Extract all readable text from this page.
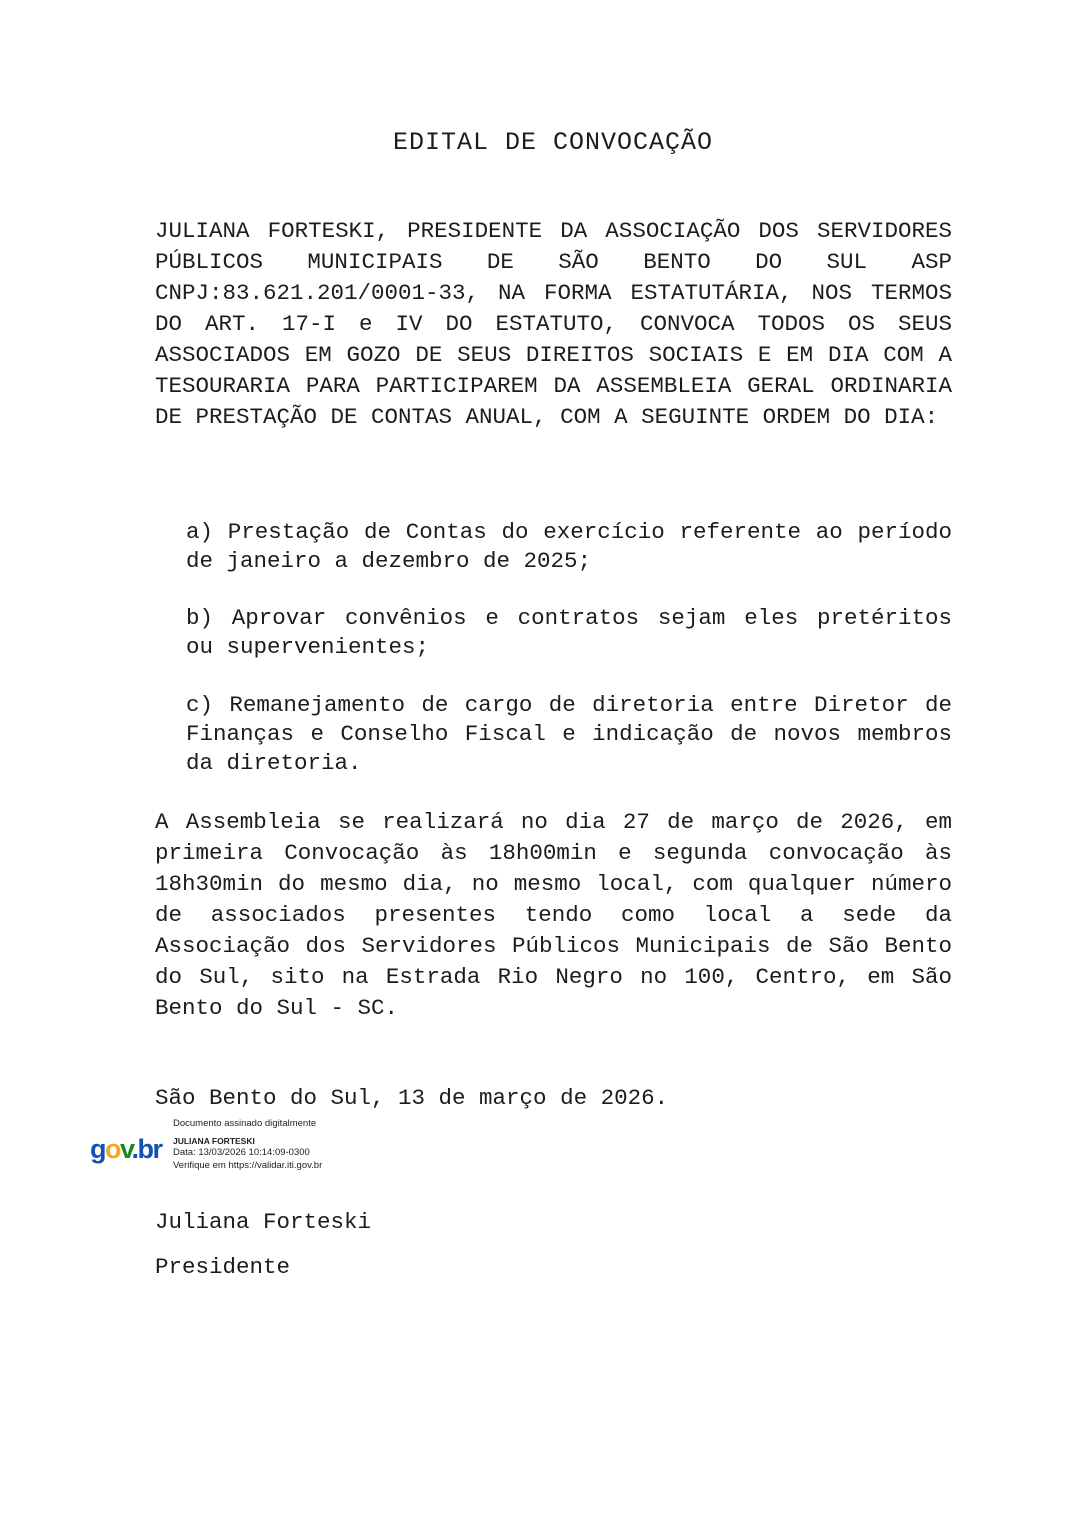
EDITAL DE CONVOCAÇÃO
JULIANA FORTESKI, PRESIDENTE DA ASSOCIAÇÃO DOS SERVIDORES PÚBLICOS MUNICIPAIS DE SÃO BENTO DO SUL ASP CNPJ:83.621.201/0001-33, NA FORMA ESTATUTÁRIA, NOS TERMOS DO ART. 17-I e IV DO ESTATUTO, CONVOCA TODOS OS SEUS ASSOCIADOS EM GOZO DE SEUS DIREITOS SOCIAIS E EM DIA COM A TESOURARIA PARA PARTICIPAREM DA ASSEMBLEIA GERAL ORDINARIA DE PRESTAÇÃO DE CONTAS ANUAL, COM A SEGUINTE ORDEM DO DIA:
a) Prestação de Contas do exercício referente ao período de janeiro a dezembro de 2025;
b) Aprovar convênios e contratos sejam eles pretéritos ou supervenientes;
c) Remanejamento de cargo de diretoria entre Diretor de Finanças e Conselho Fiscal e indicação de novos membros da diretoria.
A Assembleia se realizará no dia 27 de março de 2026, em primeira Convocação às 18h00min e segunda convocação às 18h30min do mesmo dia, no mesmo local, com qualquer número de associados presentes tendo como local a sede da Associação dos Servidores Públicos Municipais de São Bento do Sul, sito na Estrada Rio Negro no 100, Centro, em São Bento do Sul - SC.
São Bento do Sul, 13 de março de 2026.
gov.br
Documento assinado digitalmente
JULIANA FORTESKI
Data: 13/03/2026 10:14:09-0300
Verifique em https://validar.iti.gov.br
Juliana Forteski
Presidente
